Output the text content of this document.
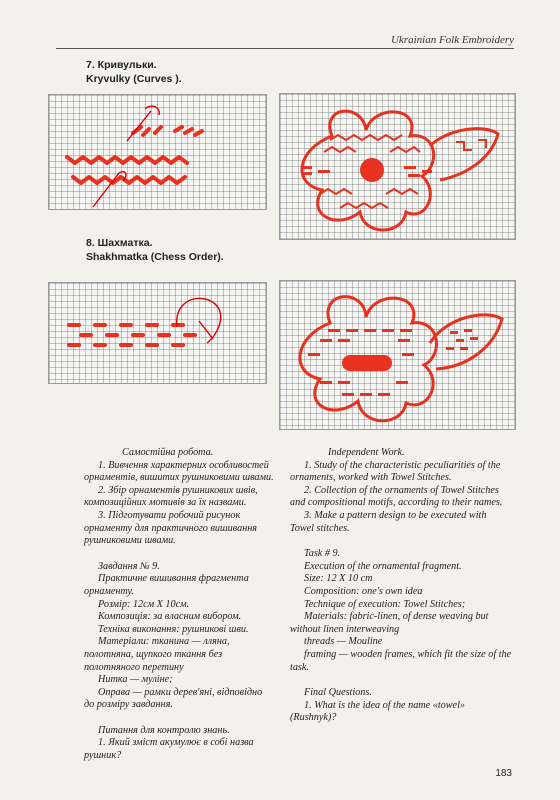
Ukrainian Folk Embroidery
7. Кривульки.
Kryvulky (Curves ).
8. Шахматка.
Shakhmatka (Chess Order).

Самостійна робота.

1. Вивчення характерних особливостей орнаментів, вишитих рушниковими швами.

2. Збір орнаментів рушникових швів, композиційних мотивів за їх назвами.

3. Підготувати робочий рисунок орнаменту для практичного вишивання рушниковими швами.

Завдання № 9.

Практичне вишивання фрагмента орнаменту.

Розмір: 12см Х 10см.

Композиція: за власним вибором.

Техніка виконання: рушникові шви.

Матеріали: тканина — лляна, полотняна, щупкого ткання без полотняного перетину

Нитка — муліне;

Оправа — рамки дерев'яні, відповідно до розміру завдання.

Питання для контролю знань.

1. Який зміст акумулює в собі назва рушник?

Independent Work.

1. Study of the characteristic peculiarities of the ornaments, worked with Towel Stitches.

2. Collection of the ornaments of Towel Stitches and compositional motifs, according to their names.

3. Make a pattern design to be executed with Towel stitches.

Task # 9.

Execution of the ornamental fragment.

Size: 12 X 10 cm

Composition: one's own idea

Technique of execution: Towel Stitches;

Materials: fabric-linen, of dense weaving but without linen interweaving

threads — Mouline

framing — wooden frames, which fit the size of the task.

Final Questions.

1. What is the idea of the name «towel» (Rushnyk)?

183
